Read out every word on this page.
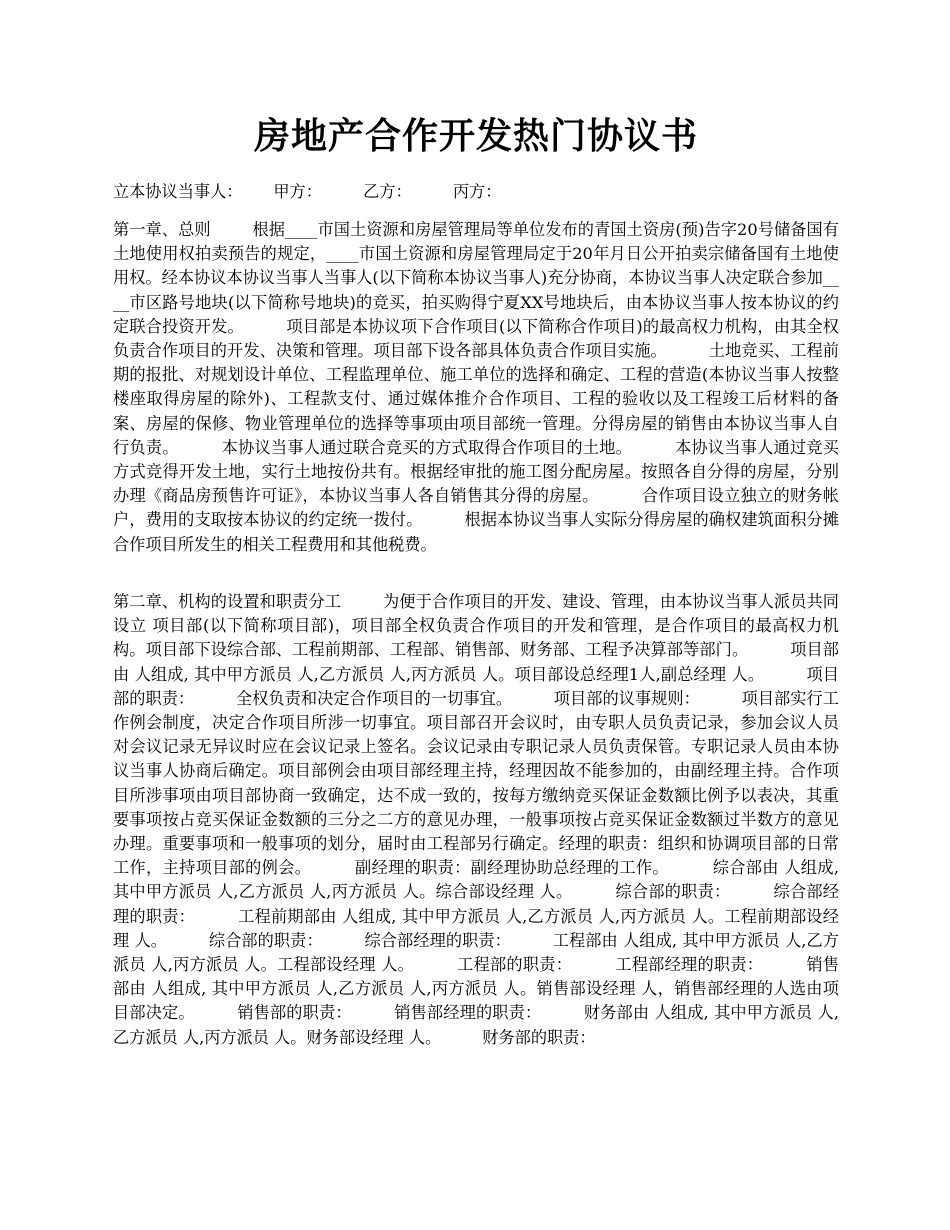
房地产合作开发热门协议书
立本协议当事人：      甲方：        乙方：        丙方：

第一章、总则        根据____市国土资源和房屋管理局等单位发布的青国土资房(预)告字20号储备国有土地使用权拍卖预告的规定，____市国土资源和房屋管理局定于20年月日公开拍卖宗储备国有土地使用权。经本协议本协议当事人当事人(以下简称本协议当事人)充分协商，本协议当事人决定联合参加____市区路号地块(以下简称号地块)的竞买，拍买购得宁夏XX号地块后，由本协议当事人按本协议的约定联合投资开发。        项目部是本协议项下合作项目(以下简称合作项目)的最高权力机构，由其全权负责合作项目的开发、决策和管理。项目部下设各部具体负责合作项目实施。        土地竞买、工程前期的报批、对规划设计单位、工程监理单位、施工单位的选择和确定、工程的营造(本协议当事人按整楼座取得房屋的除外)、工程款支付、通过媒体推介合作项目、工程的验收以及工程竣工后材料的备案、房屋的保修、物业管理单位的选择等事项由项目部统一管理。分得房屋的销售由本协议当事人自行负责。        本协议当事人通过联合竞买的方式取得合作项目的土地。        本协议当事人通过竞买方式竞得开发土地，实行土地按份共有。根据经审批的施工图分配房屋。按照各自分得的房屋，分别办理《商品房预售许可证》，本协议当事人各自销售其分得的房屋。        合作项目设立独立的财务帐户，费用的支取按本协议的约定统一拨付。        根据本协议当事人实际分得房屋的确权建筑面积分摊合作项目所发生的相关工程费用和其他税费。

第二章、机构的设置和职责分工        为便于合作项目的开发、建设、管理，由本协议当事人派员共同设立 项目部(以下简称项目部)，项目部全权负责合作项目的开发和管理，是合作项目的最高权力机构。项目部下设综合部、工程前期部、工程部、销售部、财务部、工程予决算部等部门。        项目部由 人组成, 其中甲方派员 人,乙方派员 人,丙方派员 人。项目部设总经理1人,副总经理 人。        项目部的职责：        全权负责和决定合作项目的一切事宜。        项目部的议事规则：        项目部实行工作例会制度，决定合作项目所涉一切事宜。项目部召开会议时，由专职人员负责记录，参加会议人员对会议记录无异议时应在会议记录上签名。会议记录由专职记录人员负责保管。专职记录人员由本协议当事人协商后确定。项目部例会由项目部经理主持，经理因故不能参加的，由副经理主持。合作项目所涉事项由项目部协商一致确定，达不成一致的，按每方缴纳竞买保证金数额比例予以表决，其重要事项按占竞买保证金数额的三分之二方的意见办理，一般事项按占竞买保证金数额过半数方的意见办理。重要事项和一般事项的划分，届时由工程部另行确定。经理的职责：组织和协调项目部的日常工作，主持项目部的例会。        副经理的职责：副经理协助总经理的工作。        综合部由 人组成, 其中甲方派员 人,乙方派员 人,丙方派员 人。综合部设经理 人。        综合部的职责：        综合部经理的职责：        工程前期部由 人组成, 其中甲方派员 人,乙方派员 人,丙方派员 人。工程前期部设经理 人。        综合部的职责：        综合部经理的职责：        工程部由 人组成, 其中甲方派员 人,乙方派员 人,丙方派员 人。工程部设经理 人。        工程部的职责：        工程部经理的职责：        销售部由 人组成, 其中甲方派员 人,乙方派员 人,丙方派员 人。销售部设经理 人，销售部经理的人选由项目部决定。        销售部的职责：        销售部经理的职责：        财务部由 人组成, 其中甲方派员 人,乙方派员 人,丙方派员 人。财务部设经理 人。        财务部的职责：
